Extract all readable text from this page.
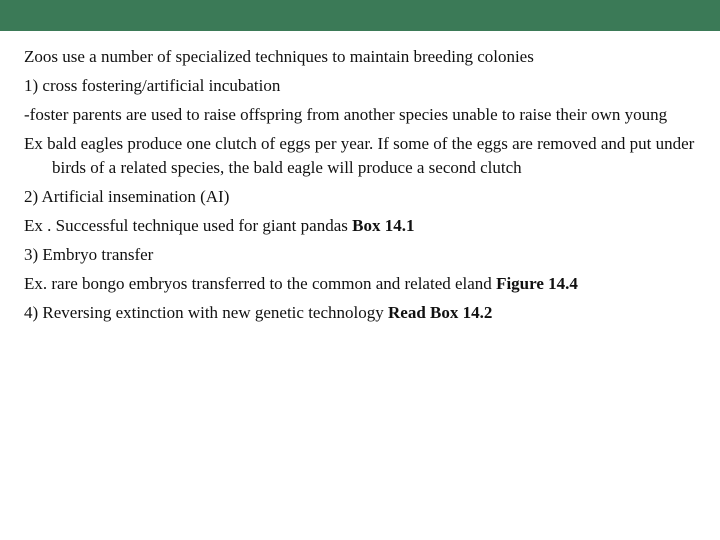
Zoos use a number of specialized techniques to maintain breeding colonies

1) cross fostering/artificial incubation

-foster parents are used to raise offspring from another species unable to raise their own young

Ex bald eagles produce one clutch of eggs per year. If some of the eggs are removed and put under birds of a related species, the bald eagle will produce a second clutch

2) Artificial insemination (AI)

Ex . Successful technique used for giant pandas Box 14.1

3) Embryo transfer

Ex. rare bongo embryos transferred to the common and related eland Figure 14.4

4) Reversing extinction with new genetic technology Read Box 14.2
